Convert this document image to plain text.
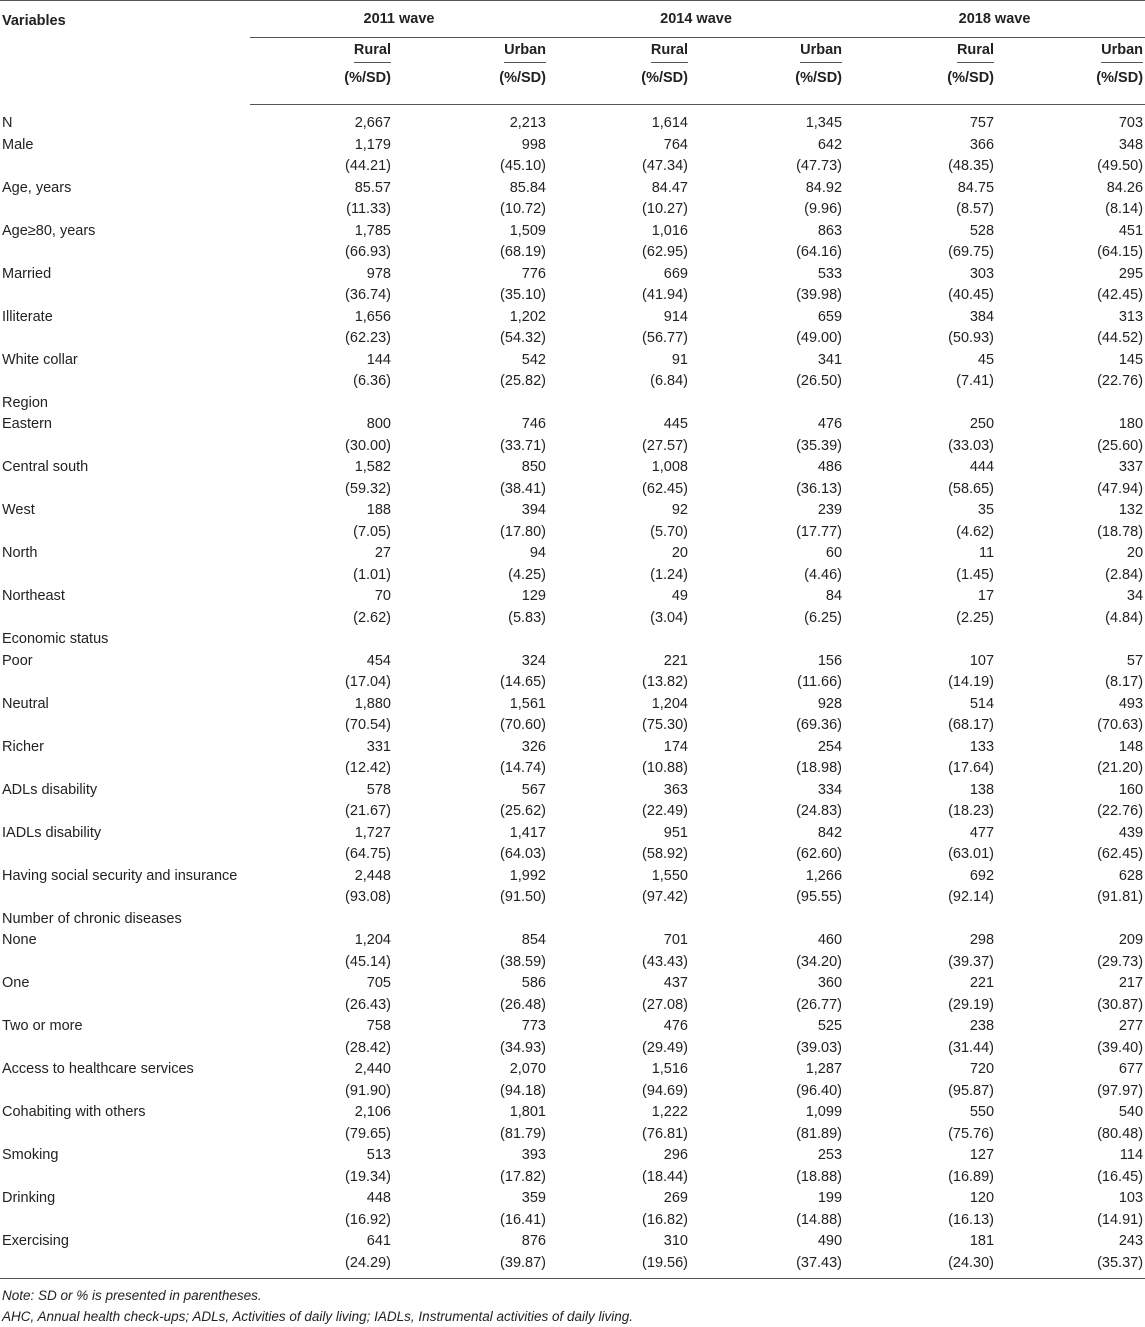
Variables	2011 wave		2014 wave		2018 wave	
	Rural	Urban	Rural	Urban	Rural	Urban
	(%/SD)	(%/SD)	(%/SD)	(%/SD)	(%/SD)	(%/SD)

N	2,667	2,213	1,614	1,345	757	703
Male	1,179	998	764	642	366	348
	(44.21)	(45.10)	(47.34)	(47.73)	(48.35)	(49.50)
Age, years	85.57	85.84	84.47	84.92	84.75	84.26
	(11.33)	(10.72)	(10.27)	(9.96)	(8.57)	(8.14)
Age≥80, years	1,785	1,509	1,016	863	528	451
	(66.93)	(68.19)	(62.95)	(64.16)	(69.75)	(64.15)
Married	978	776	669	533	303	295
	(36.74)	(35.10)	(41.94)	(39.98)	(40.45)	(42.45)
Illiterate	1,656	1,202	914	659	384	313
	(62.23)	(54.32)	(56.77)	(49.00)	(50.93)	(44.52)
White collar	144	542	91	341	45	145
	(6.36)	(25.82)	(6.84)	(26.50)	(7.41)	(22.76)
Region						
Eastern	800	746	445	476	250	180
	(30.00)	(33.71)	(27.57)	(35.39)	(33.03)	(25.60)
Central south	1,582	850	1,008	486	444	337
	(59.32)	(38.41)	(62.45)	(36.13)	(58.65)	(47.94)
West	188	394	92	239	35	132
	(7.05)	(17.80)	(5.70)	(17.77)	(4.62)	(18.78)
North	27	94	20	60	11	20
	(1.01)	(4.25)	(1.24)	(4.46)	(1.45)	(2.84)
Northeast	70	129	49	84	17	34
	(2.62)	(5.83)	(3.04)	(6.25)	(2.25)	(4.84)
Economic status						
Poor	454	324	221	156	107	57
	(17.04)	(14.65)	(13.82)	(11.66)	(14.19)	(8.17)
Neutral	1,880	1,561	1,204	928	514	493
	(70.54)	(70.60)	(75.30)	(69.36)	(68.17)	(70.63)
Richer	331	326	174	254	133	148
	(12.42)	(14.74)	(10.88)	(18.98)	(17.64)	(21.20)
ADLs disability	578	567	363	334	138	160
	(21.67)	(25.62)	(22.49)	(24.83)	(18.23)	(22.76)
IADLs disability	1,727	1,417	951	842	477	439
	(64.75)	(64.03)	(58.92)	(62.60)	(63.01)	(62.45)
Having social security and insurance	2,448	1,992	1,550	1,266	692	628
	(93.08)	(91.50)	(97.42)	(95.55)	(92.14)	(91.81)
Number of chronic diseases						
None	1,204	854	701	460	298	209
	(45.14)	(38.59)	(43.43)	(34.20)	(39.37)	(29.73)
One	705	586	437	360	221	217
	(26.43)	(26.48)	(27.08)	(26.77)	(29.19)	(30.87)
Two or more	758	773	476	525	238	277
	(28.42)	(34.93)	(29.49)	(39.03)	(31.44)	(39.40)
Access to healthcare services	2,440	2,070	1,516	1,287	720	677
	(91.90)	(94.18)	(94.69)	(96.40)	(95.87)	(97.97)
Cohabiting with others	2,106	1,801	1,222	1,099	550	540
	(79.65)	(81.79)	(76.81)	(81.89)	(75.76)	(80.48)
Smoking	513	393	296	253	127	114
	(19.34)	(17.82)	(18.44)	(18.88)	(16.89)	(16.45)
Drinking	448	359	269	199	120	103
	(16.92)	(16.41)	(16.82)	(14.88)	(16.13)	(14.91)
Exercising	641	876	310	490	181	243
	(24.29)	(39.87)	(19.56)	(37.43)	(24.30)	(35.37)
Note: SD or % is presented in parentheses.
AHC, Annual health check-ups; ADLs, Activities of daily living; IADLs, Instrumental activities of daily living.
